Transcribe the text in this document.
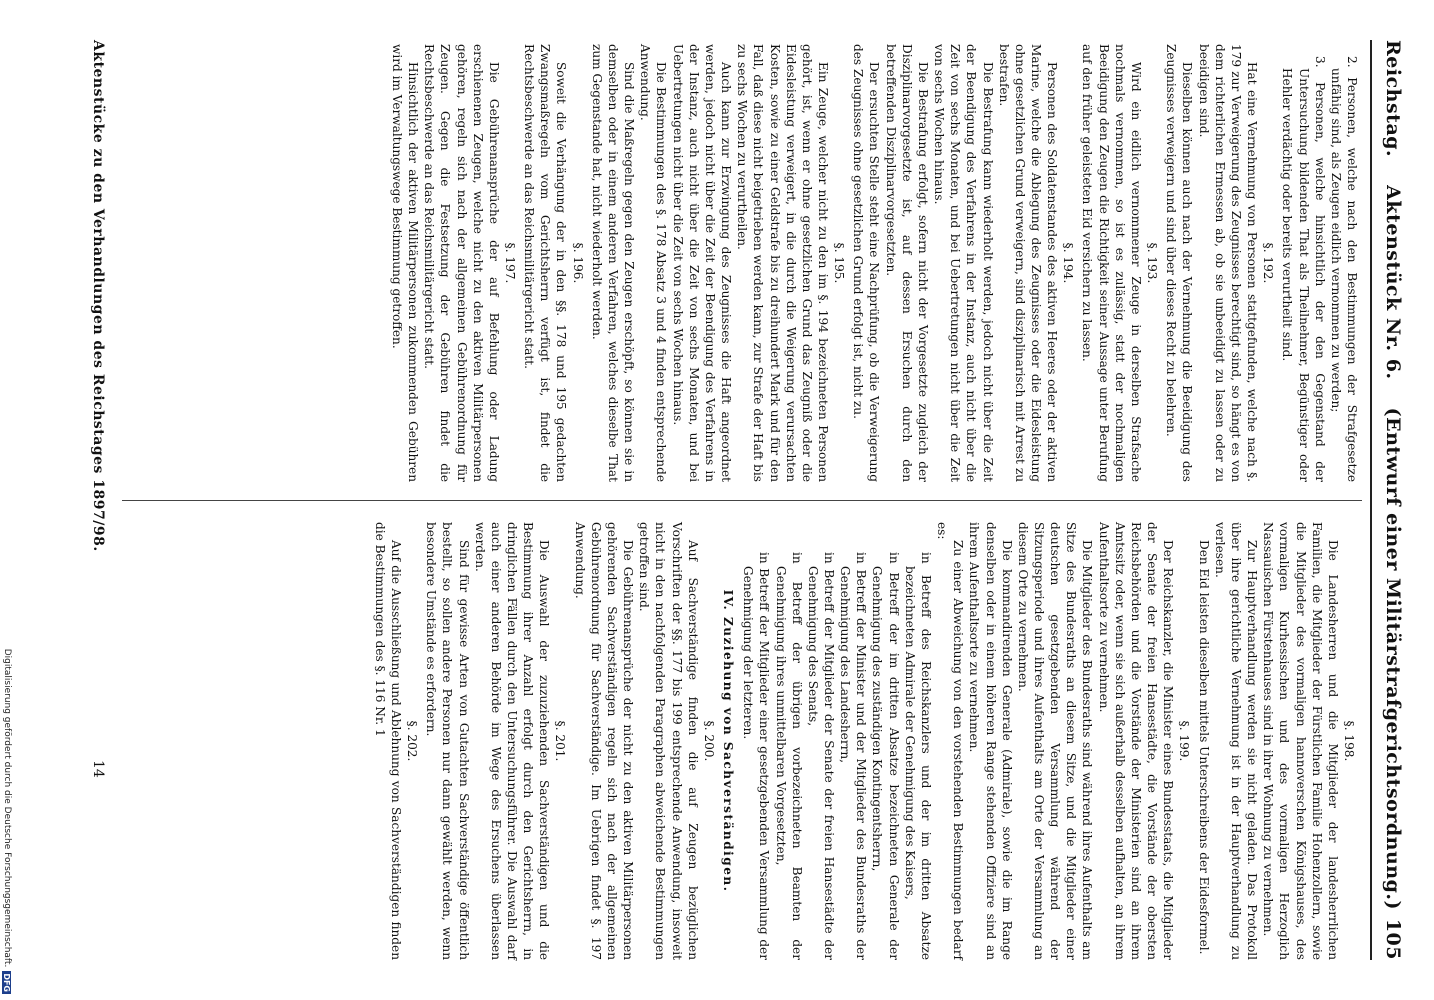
Reichstag.
Aktenstück Nr. 6.
(Entwurf einer Militärstrafgerichtsordnung.)
105

2. Personen, welche nach den Bestimmungen der Strafgesetze unfähig sind, als Zeugen eidlich vernommen zu werden;

3. Personen, welche hinsichtlich der den Gegenstand der Untersuchung bildenden That als Theilnehmer, Begünstiger oder Hehler verdächtig oder bereits verurtheilt sind.

§. 192.

Hat eine Vernehmung von Personen stattgefunden, welche nach §. 179 zur Verweigerung des Zeugnisses berechtigt sind, so hängt es von dem richterlichen Ermessen ab, ob sie unbeeidigt zu lassen oder zu beeidigen sind.

Dieselben können auch nach der Vernehmung die Beeidigung des Zeugnisses verweigern und sind über dieses Recht zu belehren.

§. 193.

Wird ein eidlich vernommener Zeuge in derselben Strafsache nochmals vernommen, so ist es zulässig, statt der nochmaligen Beeidigung den Zeugen die Richtigkeit seiner Aussage unter Berufung auf den früher geleisteten Eid versichern zu lassen.

§. 194.

Personen des Soldatenstandes des aktiven Heeres oder der aktiven Marine, welche die Ablegung des Zeugnisses oder die Eidesleistung ohne gesetzlichen Grund verweigern, sind disziplinarisch mit Arrest zu bestrafen.

Die Bestrafung kann wiederholt werden, jedoch nicht über die Zeit der Beendigung des Verfahrens in der Instanz, auch nicht über die Zeit von sechs Monaten, und bei Uebertretungen nicht über die Zeit von sechs Wochen hinaus.

Die Bestrafung erfolgt, sofern nicht der Vorgesetzte zugleich der Disziplinarvorgesetzte ist, auf dessen Ersuchen durch den betreffenden Disziplinarvorgesetzten.

Der ersuchten Stelle steht eine Nachprüfung, ob die Verweigerung des Zeugnisses ohne gesetzlichen Grund erfolgt ist, nicht zu.

§. 195.

Ein Zeuge, welcher nicht zu den im §. 194 bezeichneten Personen gehört, ist, wenn er ohne gesetzlichen Grund das Zeugniß oder die Eidesleistung verweigert, in die durch die Weigerung verursachten Kosten, sowie zu einer Geldstrafe bis zu dreihundert Mark und für den Fall, daß diese nicht beigetrieben werden kann, zur Strafe der Haft bis zu sechs Wochen zu verurtheilen.

Auch kann zur Erzwingung des Zeugnisses die Haft angeordnet werden, jedoch nicht über die Zeit der Beendigung des Verfahrens in der Instanz, auch nicht über die Zeit von sechs Monaten, und bei Uebertretungen nicht über die Zeit von sechs Wochen hinaus.

Die Bestimmungen des §. 178 Absatz 3 und 4 finden entsprechende Anwendung.

Sind die Maßregeln gegen den Zeugen erschöpft, so können sie in demselben oder in einem anderen Verfahren, welches dieselbe That zum Gegenstande hat, nicht wiederholt werden.

§. 196.

Soweit die Verhängung der in den §§. 178 und 195 gedachten Zwangsmaßregeln vom Gerichtsherrn verfügt ist, findet die Rechtsbeschwerde an das Reichsmilitärgericht statt.

§. 197.

Die Gebührenansprüche der auf Befehlung oder Ladung erschienenen Zeugen, welche nicht zu den aktiven Militärpersonen gehören, regeln sich nach der allgemeinen Gebührenordnung für Zeugen. Gegen die Festsetzung der Gebühren findet die Rechtsbeschwerde an das Reichsmilitärgericht statt.

Hinsichtlich der aktiven Militärpersonen zukommenden Gebühren wird im Verwaltungswege Bestimmung getroffen.

§. 198.

Die Landesherren und die Mitglieder der landesherrlichen Familien, die Mitglieder der Fürstlichen Familie Hohenzollern, sowie die Mitglieder des vormaligen hannoverschen Königshauses, des vormaligen Kurhessischen und des vormaligen Herzoglich Nassauischen Fürstenhauses sind in ihrer Wohnung zu vernehmen.

Zur Hauptverhandlung werden sie nicht geladen. Das Protokoll über ihre gerichtliche Vernehmung ist in der Hauptverhandlung zu verlesen.

Den Eid leisten dieselben mittels Unterschreibens der Eidesformel.

§. 199.

Der Reichskanzler, die Minister eines Bundesstaats, die Mitglieder der Senate der freien Hansestädte, die Vorstände der obersten Reichsbehörden und die Vorstände der Ministerien sind an ihrem Amtssitz oder, wenn sie sich außerhalb desselben aufhalten, an ihrem Aufenthaltsorte zu vernehmen.

Die Mitglieder des Bundesraths sind während ihres Aufenthalts am Sitze des Bundesraths an diesem Sitze, und die Mitglieder einer deutschen gesetzgebenden Versammlung während der Sitzungsperiode und ihres Aufenthalts am Orte der Versammlung an diesem Orte zu vernehmen.

Die kommandirenden Generale (Admirale), sowie die im Range denselben oder in einem höheren Range stehenden Offiziere sind an ihrem Aufenthaltsorte zu vernehmen.

Zu einer Abweichung von den vorstehenden Bestimmungen bedarf es:

in Betreff des Reichskanzlers und der im dritten Absatze bezeichneten Admirale der Genehmigung des Kaisers,

in Betreff der im dritten Absatze bezeichneten Generale der Genehmigung des zuständigen Kontingentsherrn,

in Betreff der Minister und der Mitglieder des Bundesraths der Genehmigung des Landesherrn,

in Betreff der Mitglieder der Senate der freien Hansestädte der Genehmigung des Senats,

in Betreff der übrigen vorbezeichneten Beamten der Genehmigung ihres unmittelbaren Vorgesetzten,

in Betreff der Mitglieder einer gesetzgebenden Versammlung der Genehmigung der letzteren.

IV. Zuziehung von Sachverständigen.

§. 200.

Auf Sachverständige finden die auf Zeugen bezüglichen Vorschriften der §§. 177 bis 199 entsprechende Anwendung, insoweit nicht in den nachfolgenden Paragraphen abweichende Bestimmungen getroffen sind.

Die Gebührenansprüche der nicht zu den aktiven Militärpersonen gehörenden Sachverständigen regeln sich nach der allgemeinen Gebührenordnung für Sachverständige. Im Uebrigen findet §. 197 Anwendung.

§. 201.

Die Auswahl der zuzuziehenden Sachverständigen und die Bestimmung ihrer Anzahl erfolgt durch den Gerichtsherrn, in dringlichen Fällen durch den Untersuchungsführer. Die Auswahl darf auch einer anderen Behörde im Wege des Ersuchens überlassen werden.

Sind für gewisse Arten von Gutachten Sachverständige öffentlich bestellt, so sollen andere Personen nur dann gewählt werden, wenn besondere Umstände es erfordern.

§. 202.

Auf die Ausschließung und Ablehnung von Sachverständigen finden die Bestimmungen des §. 116 Nr. 1

Aktenstücke zu den Verhandlungen des Reichstages 1897/98.
14
Digitalisierung gefördert durch die Deutsche Forschungsgemeinschaft.
DFG
